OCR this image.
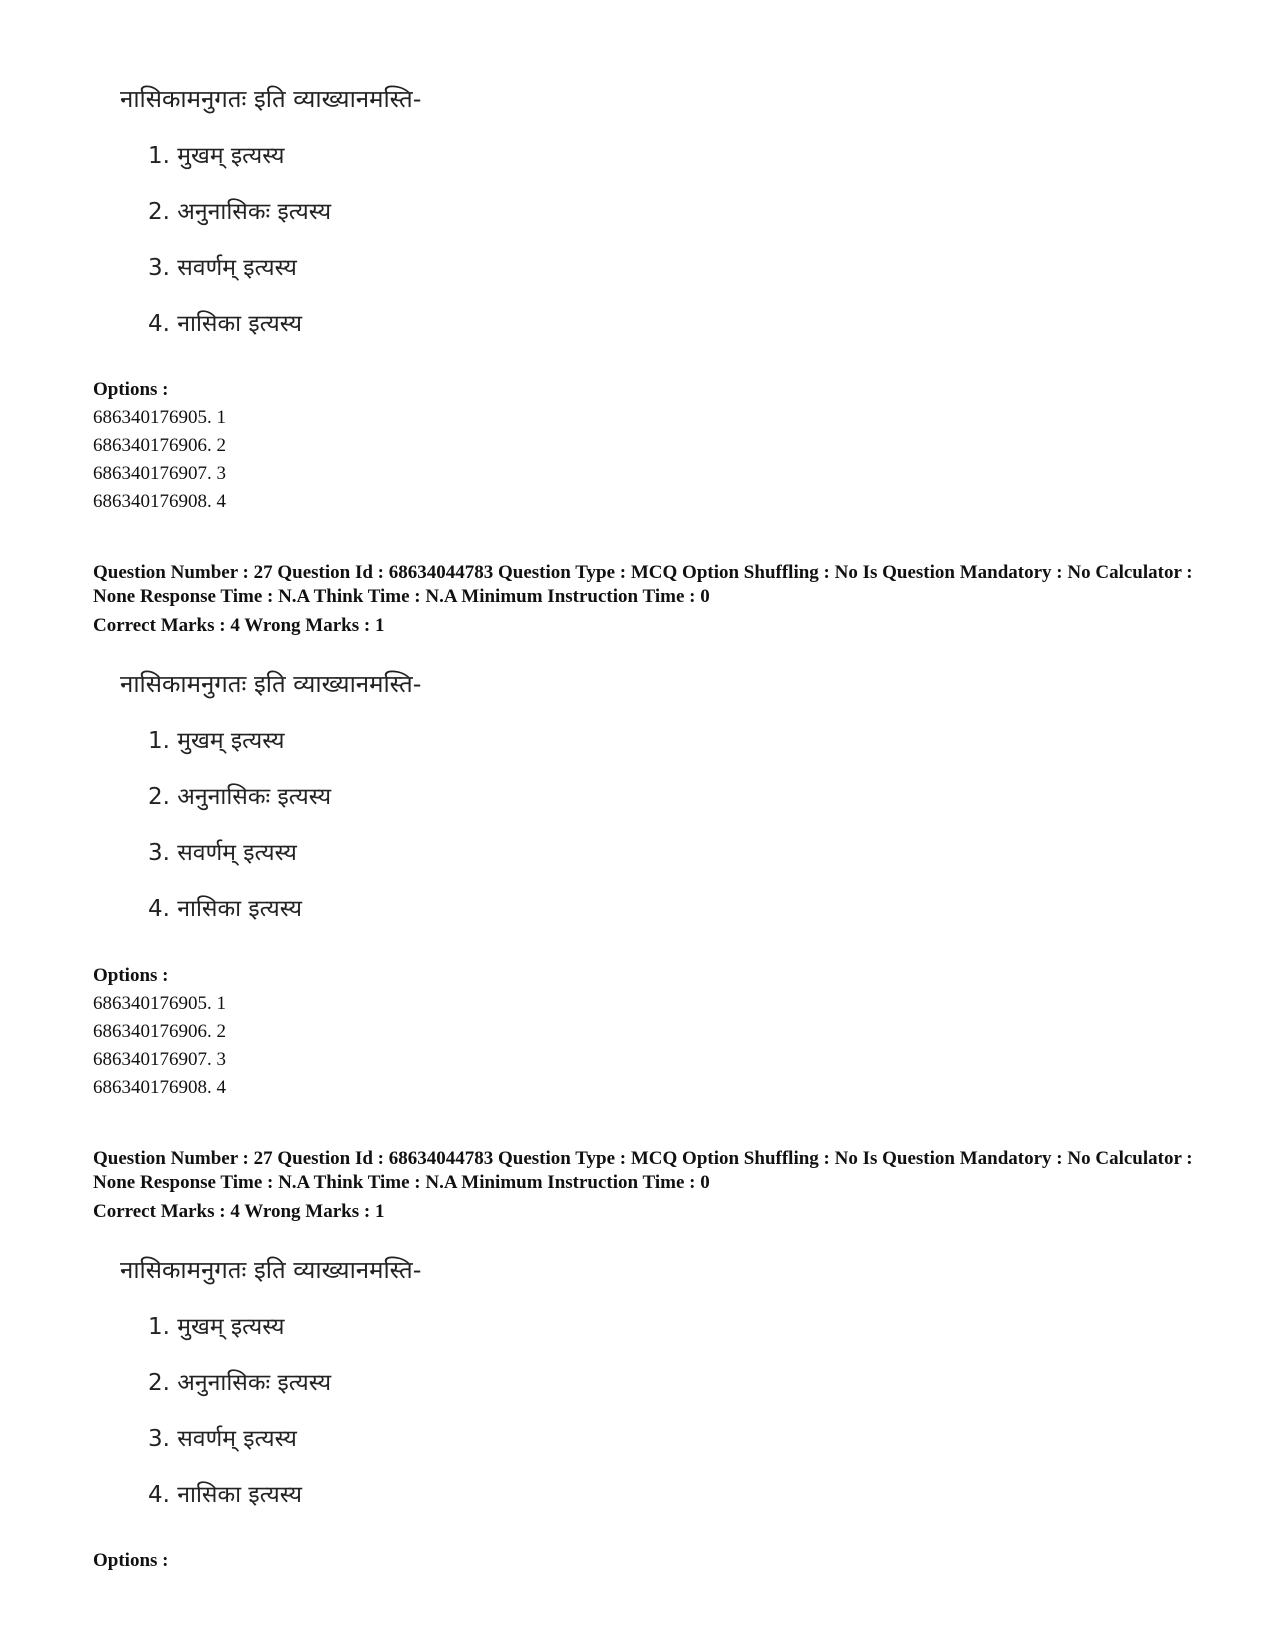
नासिकामनुगतः इति व्याख्यानमस्ति-
1. मुखम् इत्यस्य
2. अनुनासिकः इत्यस्य
3. सवर्णम् इत्यस्य
4. नासिका इत्यस्य
Options :
686340176905. 1
686340176906. 2
686340176907. 3
686340176908. 4
Question Number : 27 Question Id : 68634044783 Question Type : MCQ Option Shuffling : No Is Question Mandatory : No Calculator : None Response Time : N.A Think Time : N.A Minimum Instruction Time : 0
Correct Marks : 4 Wrong Marks : 1
नासिकामनुगतः इति व्याख्यानमस्ति-
1. मुखम् इत्यस्य
2. अनुनासिकः इत्यस्य
3. सवर्णम् इत्यस्य
4. नासिका इत्यस्य
Options :
686340176905. 1
686340176906. 2
686340176907. 3
686340176908. 4
Question Number : 27 Question Id : 68634044783 Question Type : MCQ Option Shuffling : No Is Question Mandatory : No Calculator : None Response Time : N.A Think Time : N.A Minimum Instruction Time : 0
Correct Marks : 4 Wrong Marks : 1
नासिकामनुगतः इति व्याख्यानमस्ति-
1. मुखम् इत्यस्य
2. अनुनासिकः इत्यस्य
3. सवर्णम् इत्यस्य
4. नासिका इत्यस्य
Options :
